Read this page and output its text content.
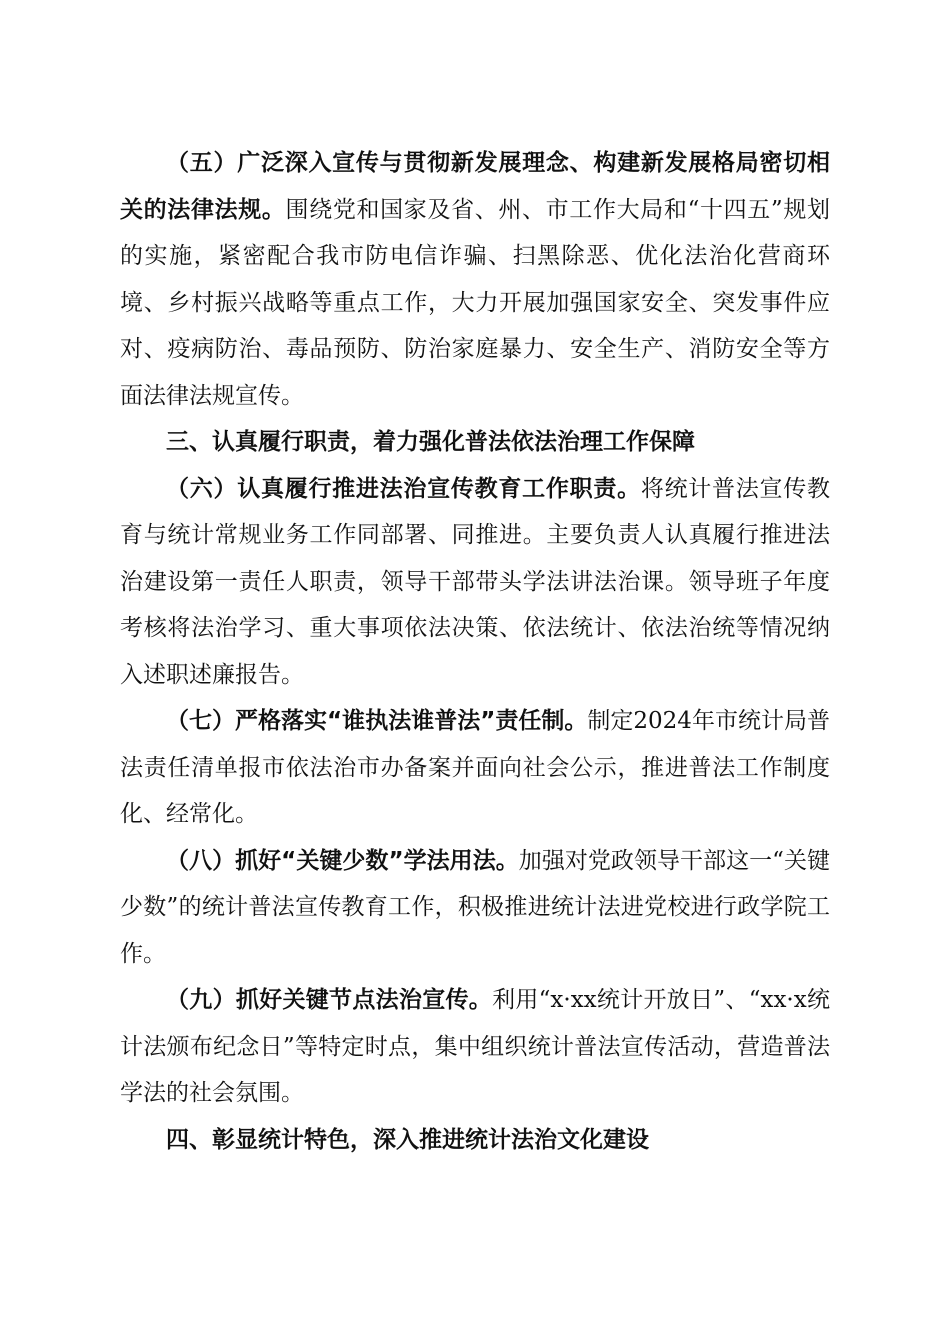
（五）广泛深入宣传与贯彻新发展理念、构建新发展格局密切相关的法律法规。围绕党和国家及省、州、市工作大局和“十四五”规划的实施，紧密配合我市防电信诈骗、扫黑除恶、优化法治化营商环境、乡村振兴战略等重点工作，大力开展加强国家安全、突发事件应对、疫病防治、毒品预防、防治家庭暴力、安全生产、消防安全等方面法律法规宣传。

三、认真履行职责，着力强化普法依法治理工作保障

（六）认真履行推进法治宣传教育工作职责。将统计普法宣传教育与统计常规业务工作同部署、同推进。主要负责人认真履行推进法治建设第一责任人职责，领导干部带头学法讲法治课。领导班子年度考核将法治学习、重大事项依法决策、依法统计、依法治统等情况纳入述职述廉报告。

（七）严格落实“谁执法谁普法”责任制。制定2024年市统计局普法责任清单报市依法治市办备案并面向社会公示，推进普法工作制度化、经常化。

（八）抓好“关键少数”学法用法。加强对党政领导干部这一“关键少数”的统计普法宣传教育工作，积极推进统计法进党校进行政学院工作。

（九）抓好关键节点法治宣传。利用“x·xx统计开放日”、“xx·x统计法颁布纪念日”等特定时点，集中组织统计普法宣传活动，营造普法学法的社会氛围。

四、彰显统计特色，深入推进统计法治文化建设
